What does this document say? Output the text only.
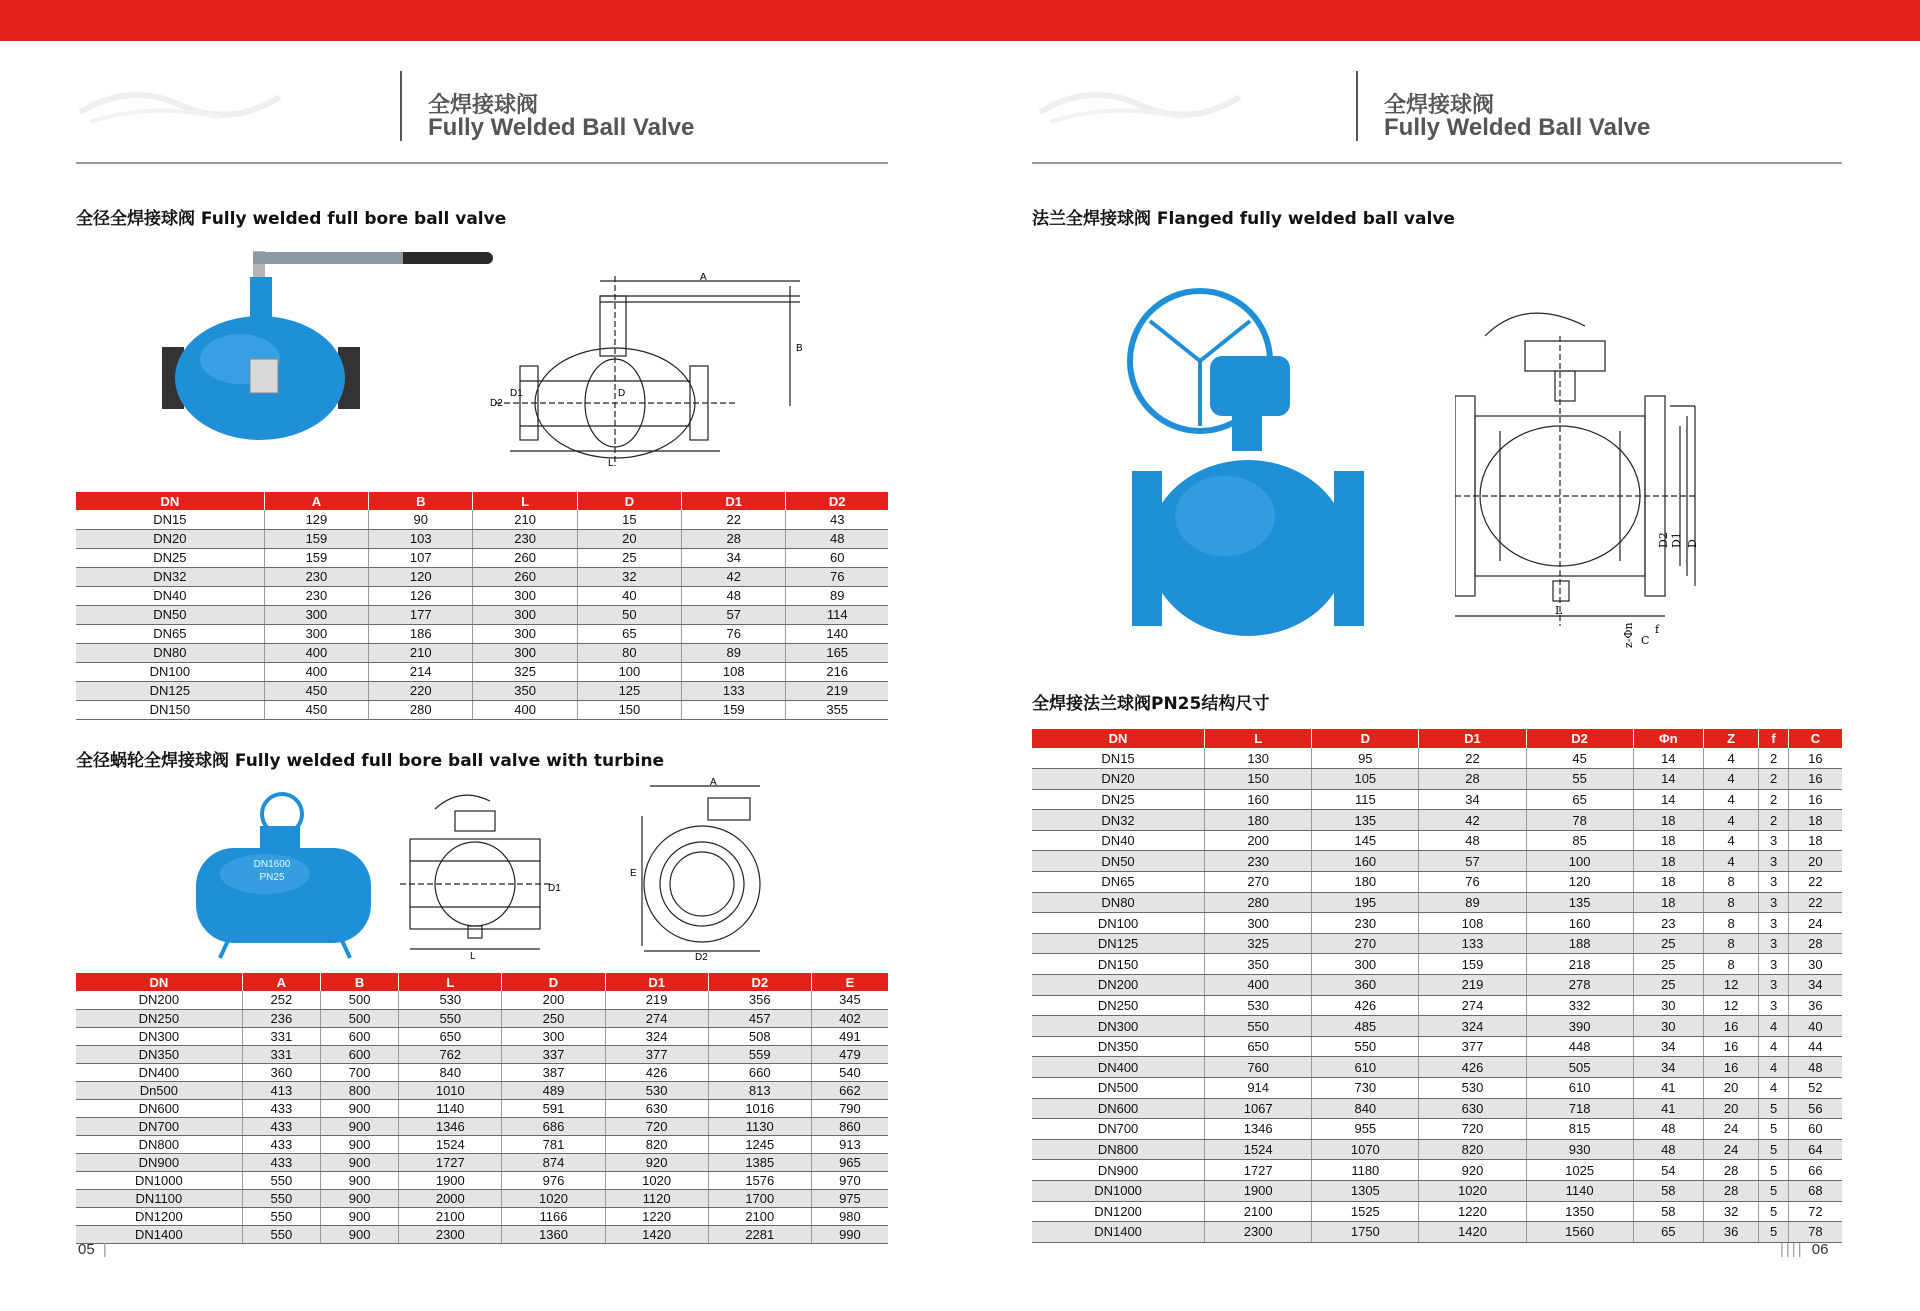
全焊接球阀
Fully Welded Ball Valve
全径全焊接球阀 Fully welded full bore ball valve
A
B
D2
D1	D
L
DN	A	B	L	D	D1	D2
DN15	129	90	210	15	22	43
DN20	159	103	230	20	28	48
DN25	159	107	260	25	34	60
DN32	230	120	260	32	42	76
DN40	230	126	300	40	48	89
DN50	300	177	300	50	57	114
DN65	300	186	300	65	76	140
DN80	400	210	300	80	89	165
DN100	400	214	325	100	108	216
DN125	450	220	350	125	133	219
DN150	450	280	400	150	159	355
全径蜗轮全焊接球阀 Fully welded full bore ball valve with turbine
DN1600
PN25
D1
L
A
E
D2
DN	A	B	L	D	D1	D2	E
DN200	252	500	530	200	219	356	345
DN250	236	500	550	250	274	457	402
DN300	331	600	650	300	324	508	491
DN350	331	600	762	337	377	559	479
DN400	360	700	840	387	426	660	540
Dn500	413	800	1010	489	530	813	662
DN600	433	900	1140	591	630	1016	790
DN700	433	900	1346	686	720	1130	860
DN800	433	900	1524	781	820	1245	913
DN900	433	900	1727	874	920	1385	965
DN1000	550	900	1900	976	1020	1576	970
DN1100	550	900	2000	1020	1120	1700	975
DN1200	550	900	2100	1166	1220	2100	980
DN1400	550	900	2300	1360	1420	2281	990
05 |
全焊接球阀
Fully Welded Ball Valve
法兰全焊接球阀 Flanged fully welded ball valve
D2 D1 D
L
z-Φn C
f
全焊接法兰球阀PN25结构尺寸
DN	L	D	D1	D2	Φn	Z	f	C
DN15	130	95	22	45	14	4	2	16
DN20	150	105	28	55	14	4	2	16
DN25	160	115	34	65	14	4	2	16
DN32	180	135	42	78	18	4	2	18
DN40	200	145	48	85	18	4	3	18
DN50	230	160	57	100	18	4	3	20
DN65	270	180	76	120	18	8	3	22
DN80	280	195	89	135	18	8	3	22
DN100	300	230	108	160	23	8	3	24
DN125	325	270	133	188	25	8	3	28
DN150	350	300	159	218	25	8	3	30
DN200	400	360	219	278	25	12	3	34
DN250	530	426	274	332	30	12	3	36
DN300	550	485	324	390	30	16	4	40
DN350	650	550	377	448	34	16	4	44
DN400	760	610	426	505	34	16	4	48
DN500	914	730	530	610	41	20	4	52
DN600	1067	840	630	718	41	20	5	56
DN700	1346	955	720	815	48	24	5	60
DN800	1524	1070	820	930	48	24	5	64
DN900	1727	1180	920	1025	54	28	5	66
DN1000	1900	1305	1020	1140	58	28	5	68
DN1200	2100	1525	1220	1350	58	32	5	72
DN1400	2300	1750	1420	1560	65	36	5	78
|||| 06
